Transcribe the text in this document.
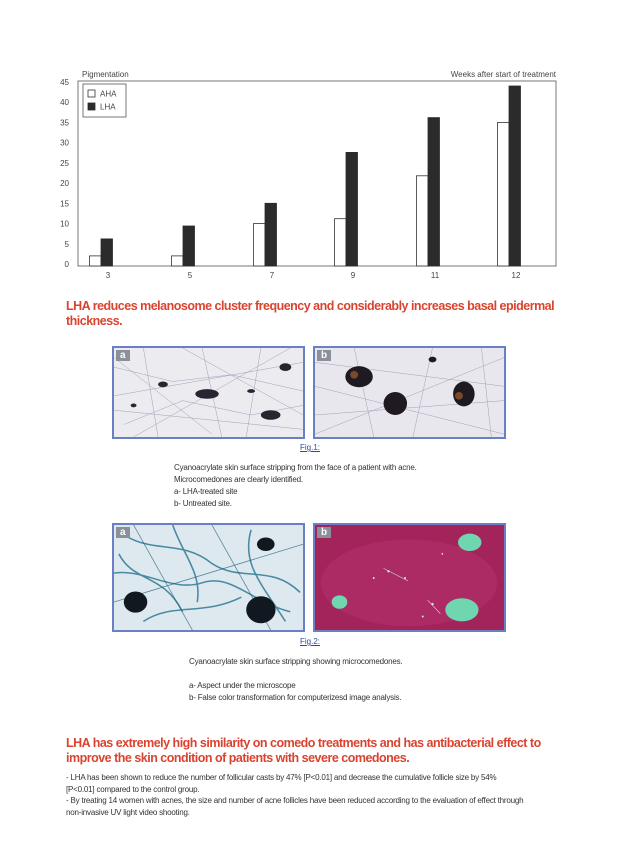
Pigmentation	Weeks after start of treatment
0
5
10
15
20
25
30
35
40
45
3	5	7	9	11	12
AHA
LHA

LHA reduces melanosome cluster frequency and considerably increases basal epidermal thickness.

a	b
Fig.1:
Cyanoacrylate skin surface stripping from the face of a patient with acne.
Microcomedones are clearly identified.
a- LHA-treated site
b- Untreated site.
a	b
Fig.2:
Cyanoacrylate skin surface stripping showing microcomedones.
a- Aspect under the microscope
b- False color transformation for computerizesd image analysis.

LHA has extremely high similarity on comedo treatments and has antibacterial effect to improve the skin condition of patients with severe comedones.

- LHA has been shown to reduce the number of follicular casts by 47% [P<0.01] and decrease the cumulative follicle size by 54%
[P<0.01] compared to the control group.
- By treating 14 women with acnes, the size and number of acne follicles have been reduced according to the evaluation of effect through
non-invasive UV light video shooting.
